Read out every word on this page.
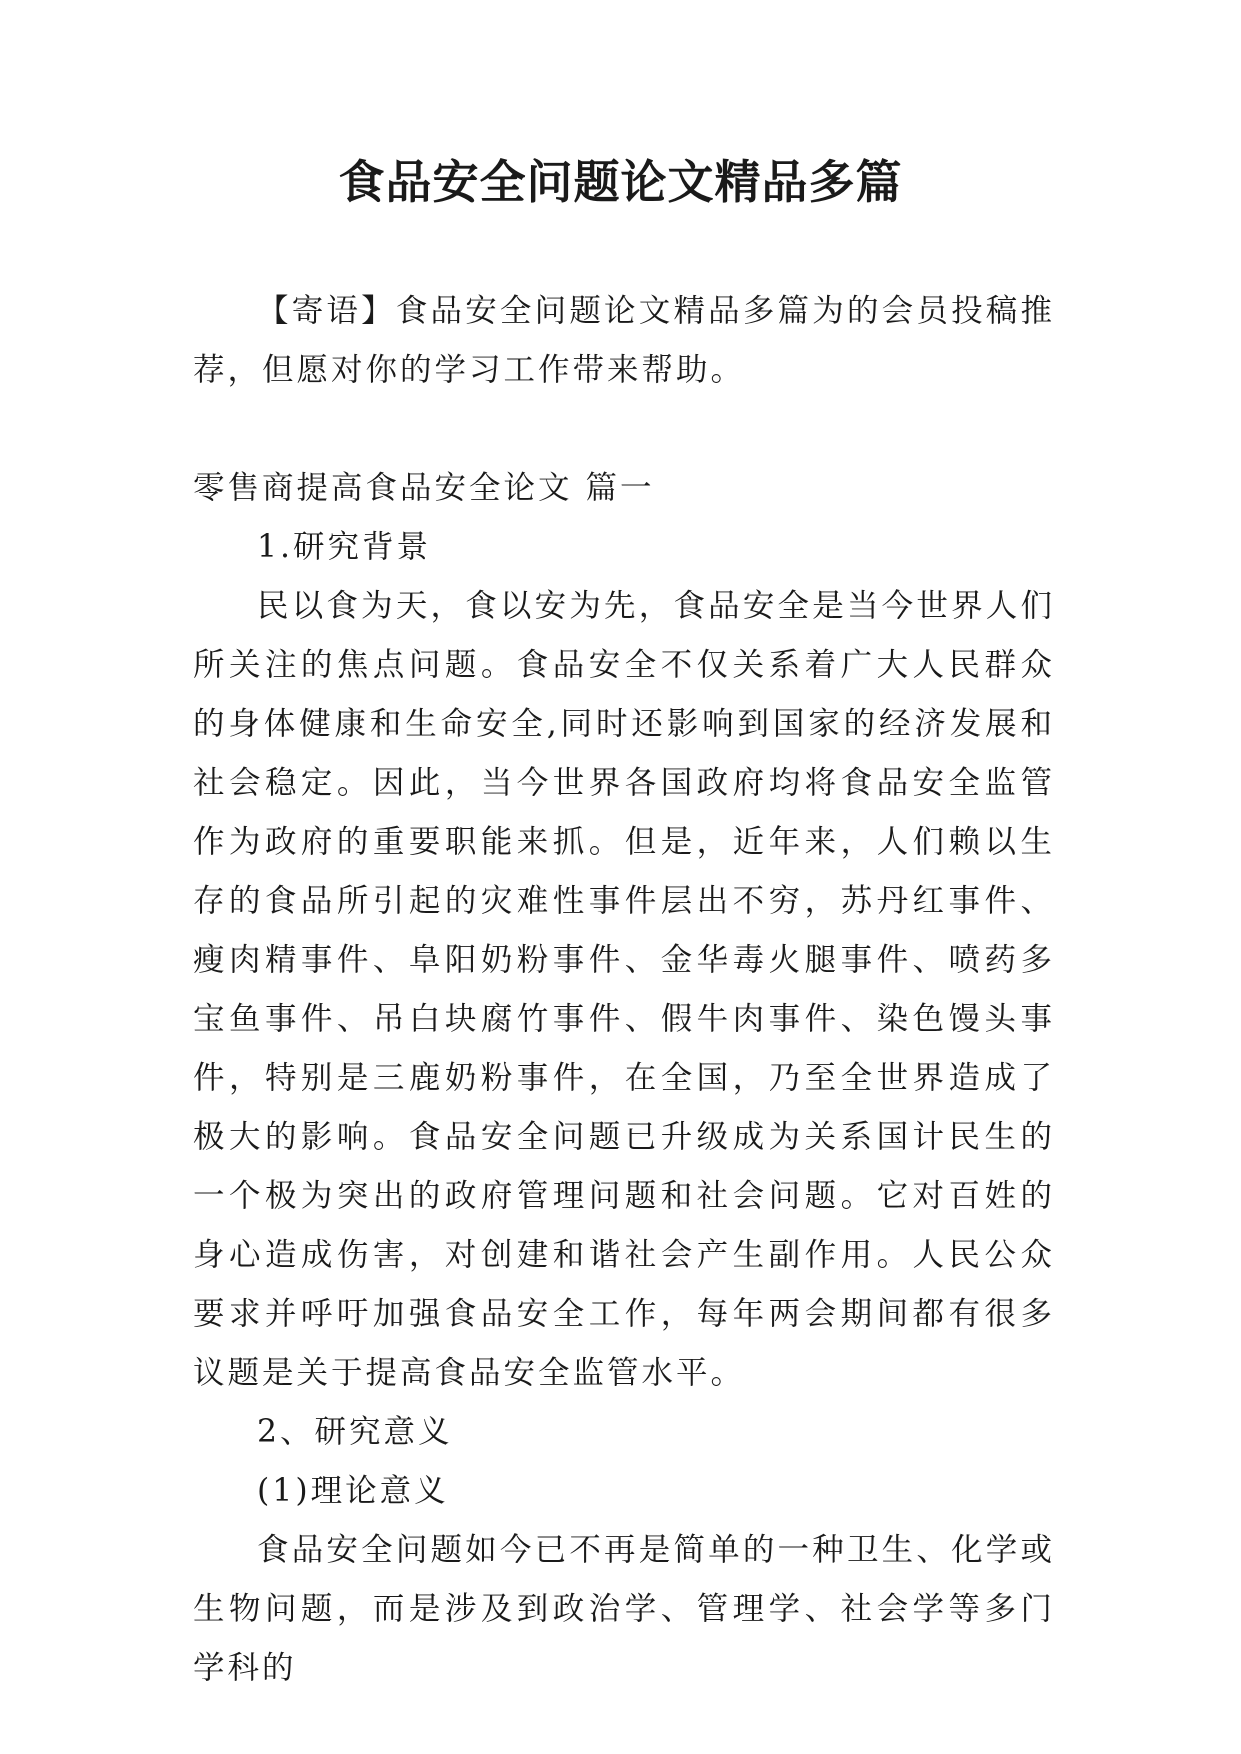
食品安全问题论文精品多篇

【寄语】食品安全问题论文精品多篇为的会员投稿推荐，但愿对你的学习工作带来帮助。

零售商提高食品安全论文 篇一

1.研究背景

民以食为天，食以安为先，食品安全是当今世界人们所关注的焦点问题。食品安全不仅关系着广大人民群众的身体健康和生命安全,同时还影响到国家的经济发展和社会稳定。因此，当今世界各国政府均将食品安全监管作为政府的重要职能来抓。但是，近年来，人们赖以生存的食品所引起的灾难性事件层出不穷，苏丹红事件、瘦肉精事件、阜阳奶粉事件、金华毒火腿事件、喷药多宝鱼事件、吊白块腐竹事件、假牛肉事件、染色馒头事件，特别是三鹿奶粉事件，在全国，乃至全世界造成了极大的影响。食品安全问题已升级成为关系国计民生的一个极为突出的政府管理问题和社会问题。它对百姓的身心造成伤害，对创建和谐社会产生副作用。人民公众要求并呼吁加强食品安全工作，每年两会期间都有很多议题是关于提高食品安全监管水平。

2、研究意义

(1)理论意义

食品安全问题如今已不再是简单的一种卫生、化学或生物问题，而是涉及到政治学、管理学、社会学等多门学科的
